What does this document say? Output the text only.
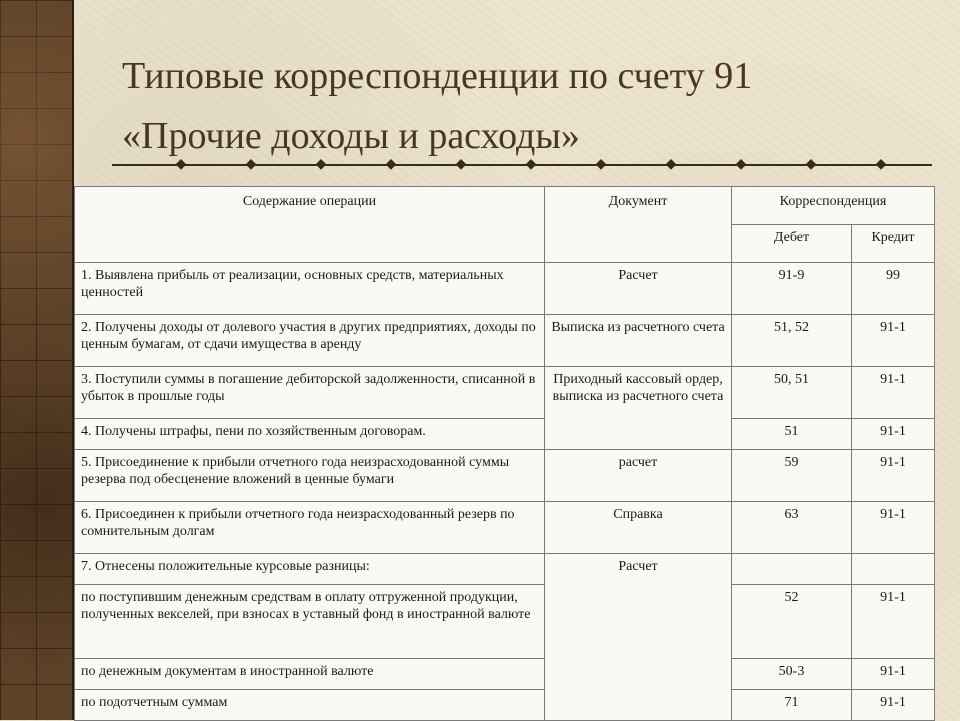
Типовые корреспонденции по счету 91
«Прочие доходы и расходы»
◆	◆	◆	◆	◆	◆	◆	◆	◆	◆	◆
Содержание операции	Документ	Корреспонденция	
		Дебет	Кредит
1. Выявлена прибыль от реализации, основных средств, материальных ценностей	Расчет	91-9	99
2. Получены доходы от долевого участия в других предприятиях, доходы по ценным бумагам, от сдачи имущества в аренду	Выписка из расчетного счета	51, 52	91-1
3. Поступили суммы в погашение дебиторской задолженности, списанной в убыток в прошлые годы	Приходный кассовый ордер, выписка из расчетного счета	50, 51	91-1
4. Получены штрафы, пени по хозяйственным договорам.		51	91-1
5. Присоединение к прибыли отчетного года неизрасходованной суммы резерва под обесценение вложений в ценные бумаги	расчет	59	91-1
6. Присоединен к прибыли отчетного года неизрасходованный резерв по сомнительным долгам	Справка	63	91-1
7. Отнесены положительные курсовые разницы:	Расчет		
по поступившим денежным средствам в оплату отгруженной продукции, полученных векселей, при взносах в уставный фонд в иностранной валюте		52	91-1
по денежным документам в иностранной валюте		50-3	91-1
по подотчетным суммам		71	91-1
